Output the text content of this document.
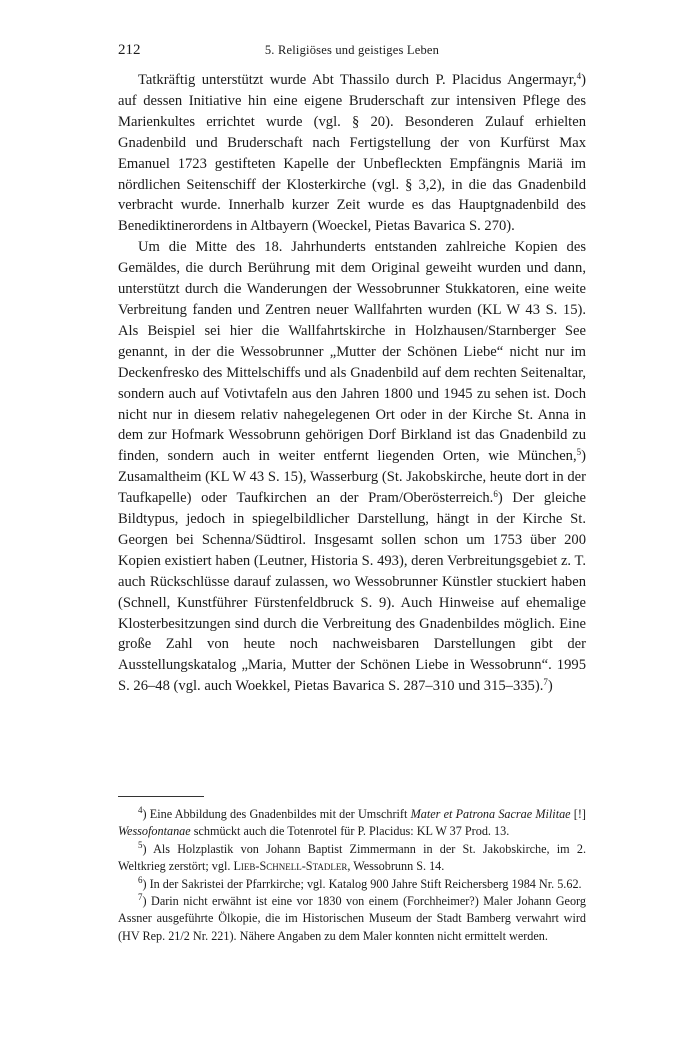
212	5. Religiöses und geistiges Leben

Tatkräftig unterstützt wurde Abt Thassilo durch P. Placidus Angermayr,$^4$) auf dessen Initiative hin eine eigene Bruderschaft zur intensiven Pflege des Marienkultes errichtet wurde (vgl. § 20). Besonderen Zulauf erhielten Gnadenbild und Bruderschaft nach Fertigstellung der von Kurfürst Max Emanuel 1723 gestifteten Kapelle der Unbefleckten Empfängnis Mariä im nördlichen Seitenschiff der Klosterkirche (vgl. § 3,2), in die das Gnadenbild verbracht wurde. Innerhalb kurzer Zeit wurde es das Hauptgnadenbild des Benediktinerordens in Altbayern (Woeckel, Pietas Bavarica S. 270).

Um die Mitte des 18. Jahrhunderts entstanden zahlreiche Kopien des Gemäldes, die durch Berührung mit dem Original geweiht wurden und dann, unterstützt durch die Wanderungen der Wessobrunner Stukkatoren, eine weite Verbreitung fanden und Zentren neuer Wallfahrten wurden (KL W 43 S. 15). Als Beispiel sei hier die Wallfahrtskirche in Holzhausen/Starnberger See genannt, in der die Wessobrunner „Mutter der Schönen Liebe“ nicht nur im Deckenfresko des Mittelschiffs und als Gnadenbild auf dem rechten Seitenaltar, sondern auch auf Votivtafeln aus den Jahren 1800 und 1945 zu sehen ist. Doch nicht nur in diesem relativ nahegelegenen Ort oder in der Kirche St. Anna in dem zur Hofmark Wessobrunn gehörigen Dorf Birkland ist das Gnadenbild zu finden, sondern auch in weiter entfernt liegenden Orten, wie München,$^5$) Zusamaltheim (KL W 43 S. 15), Wasserburg (St. Jakobskirche, heute dort in der Taufkapelle) oder Taufkirchen an der Pram/Oberösterreich.$^6$) Der gleiche Bildtypus, jedoch in spiegelbildlicher Darstellung, hängt in der Kirche St. Georgen bei Schenna/Südtirol. Insgesamt sollen schon um 1753 über 200 Kopien existiert haben (Leutner, Historia S. 493), deren Verbreitungsgebiet z. T. auch Rückschlüsse darauf zulassen, wo Wessobrunner Künstler stuckiert haben (Schnell, Kunstführer Fürstenfeldbruck S. 9). Auch Hinweise auf ehemalige Klosterbesitzungen sind durch die Verbreitung des Gnadenbildes möglich. Eine große Zahl von heute noch nachweisbaren Darstellungen gibt der Ausstellungskatalog „Maria, Mutter der Schönen Liebe in Wessobrunn“. 1995 S. 26–48 (vgl. auch Woekkel, Pietas Bavarica S. 287–310 und 315–335).$^7$)

$^4$) Eine Abbildung des Gnadenbildes mit der Umschrift Mater et Patrona Sacrae Militae [!] Wessofontanae schmückt auch die Totenrotel für P. Placidus: KL W 37 Prod. 13.

$^5$) Als Holzplastik von Johann Baptist Zimmermann in der St. Jakobskirche, im 2. Weltkrieg zerstört; vgl. Lieb-Schnell-Stadler, Wessobrunn S. 14.

$^6$) In der Sakristei der Pfarrkirche; vgl. Katalog 900 Jahre Stift Reichersberg 1984 Nr. 5.62.

$^7$) Darin nicht erwähnt ist eine vor 1830 von einem (Forchheimer?) Maler Johann Georg Assner ausgeführte Ölkopie, die im Historischen Museum der Stadt Bamberg verwahrt wird (HV Rep. 21/2 Nr. 221). Nähere Angaben zu dem Maler konnten nicht ermittelt werden.
